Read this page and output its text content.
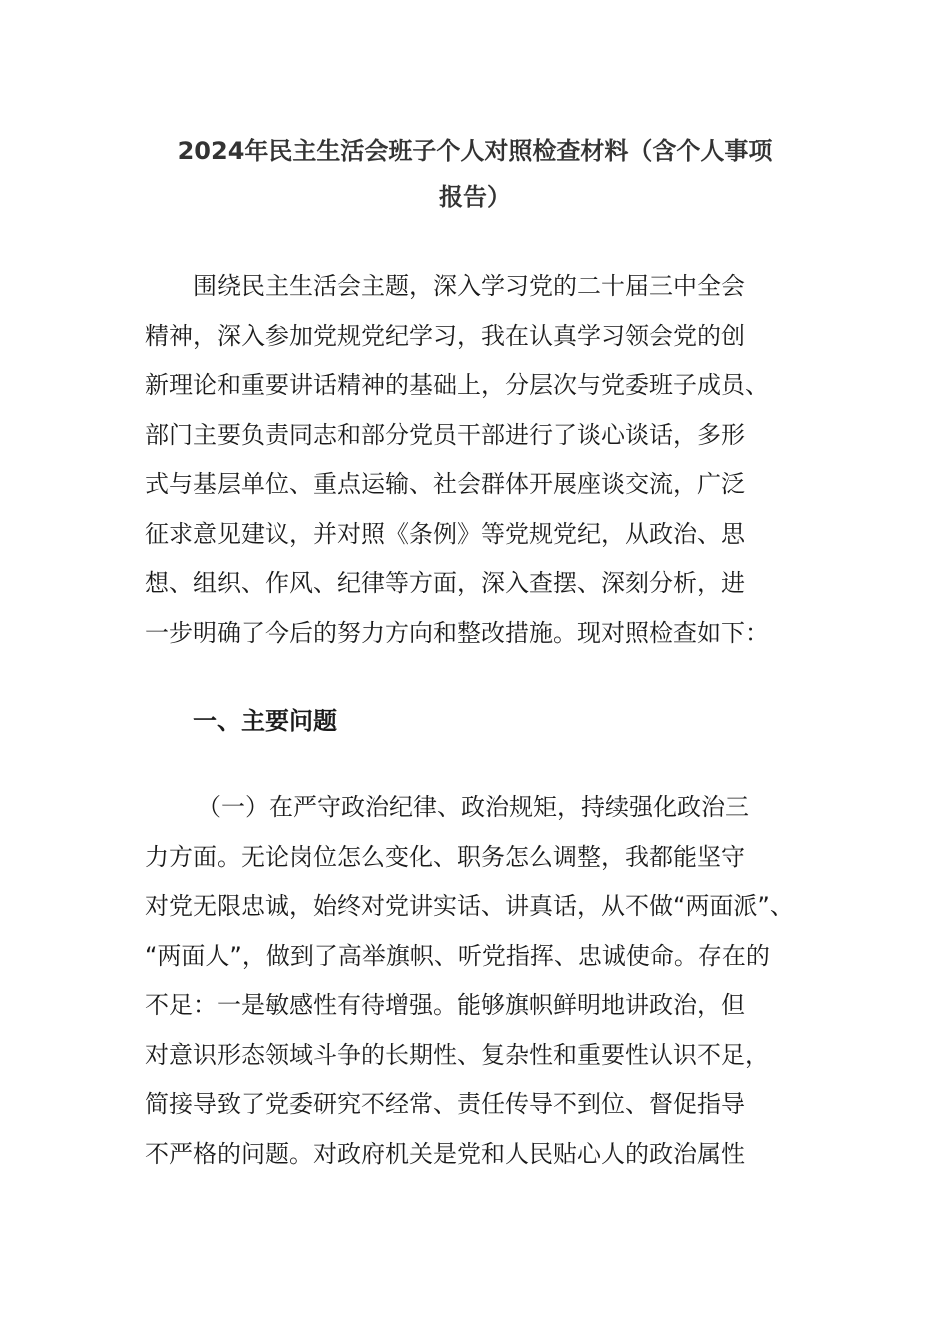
2024年民主生活会班子个人对照检查材料（含个人事项
报告）

围绕民主生活会主题，深入学习党的二十届三中全会
精神，深入参加党规党纪学习，我在认真学习领会党的创
新理论和重要讲话精神的基础上，分层次与党委班子成员、
部门主要负责同志和部分党员干部进行了谈心谈话，多形
式与基层单位、重点运输、社会群体开展座谈交流，广泛
征求意见建议，并对照《条例》等党规党纪，从政治、思
想、组织、作风、纪律等方面，深入查摆、深刻分析，进
一步明确了今后的努力方向和整改措施。现对照检查如下：

一、主要问题

（一）在严守政治纪律、政治规矩，持续强化政治三
力方面。无论岗位怎么变化、职务怎么调整，我都能坚守
对党无限忠诚，始终对党讲实话、讲真话，从不做“两面派”、
“两面人”，做到了高举旗帜、听党指挥、忠诚使命。存在的
不足：一是敏感性有待增强。能够旗帜鲜明地讲政治，但
对意识形态领域斗争的长期性、复杂性和重要性认识不足，
简接导致了党委研究不经常、责任传导不到位、督促指导
不严格的问题。对政府机关是党和人民贴心人的政治属性
